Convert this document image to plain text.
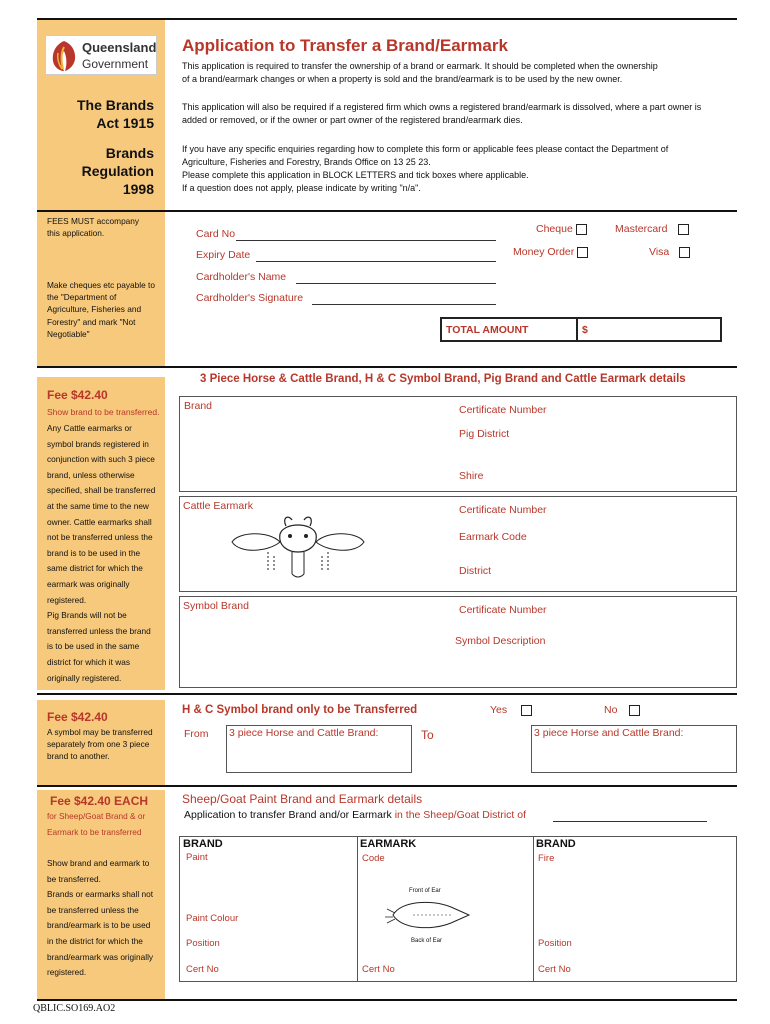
Queensland
Government
The Brands
Act 1915
Brands
Regulation
1998
Application to Transfer a Brand/Earmark
This application is required to transfer the ownership of a brand or earmark. It should be completed when the ownership
of a brand/earmark changes or when a property is sold and the brand/earmark is to be used by the new owner.
This application will also be required if a registered firm which owns a registered brand/earmark is dissolved, where a part owner is
added or removed, or if the owner or part owner of the registered brand/earmark dies.
If you have any specific enquiries regarding how to complete this form or applicable fees please contact the Department of
Agriculture, Fisheries and Forestry, Brands Office on 13 25 23.
Please complete this application in BLOCK LETTERS and tick boxes where applicable.
If a question does not apply, please indicate by writing "n/a".
FEES MUST accompany
this application.
Make cheques etc payable to
the "Department of
Agriculture, Fisheries and
Forestry" and mark "Not
Negotiable"
Card No
Expiry Date
Cardholder's Name
Cardholder's Signature
Cheque	Mastercard
Money Order	Visa
TOTAL AMOUNT	$
3 Piece Horse & Cattle Brand, H & C Symbol Brand, Pig Brand and Cattle Earmark details
Fee $42.40
Show brand to be transferred.
Any Cattle earmarks or
symbol brands registered in
conjunction with such 3 piece
brand, unless otherwise
specified, shall be transferred
at the same time to the new
owner. Cattle earmarks shall
not be transferred unless the
brand is to be used in the
same district for which the
earmark was originally
registered.
Pig Brands will not be
transferred unless the brand
is to be used in the same
district for which it was
originally registered.
Brand	Certificate Number
Pig District
Shire
Cattle Earmark	Certificate Number
Earmark Code
District
Symbol Brand	Certificate Number
Symbol Description
Fee $42.40
A symbol may be transferred
separately from one 3 piece
brand to another.
H & C Symbol brand only to be Transferred	Yes	No
From 3 piece Horse and Cattle Brand:	To	3 piece Horse and Cattle Brand:
Fee $42.40 EACH
for Sheep/Goat Brand & or
Earmark to be transferred
Show brand and earmark to
be transferred.
Brands or earmarks shall not
be transferred unless the
brand/earmark is to be used
in the district for which the
brand/earmark was originally
registered.
Sheep/Goat Paint Brand and Earmark details
Application to transfer Brand and/or Earmark in the Sheep/Goat District of
BRAND
Paint
Paint Colour
Position
Cert No
EARMARK
Code
Front of Ear
Back of Ear
Cert No
BRAND
Fire
Position
Cert No
QBLIC.SO169.AO2
